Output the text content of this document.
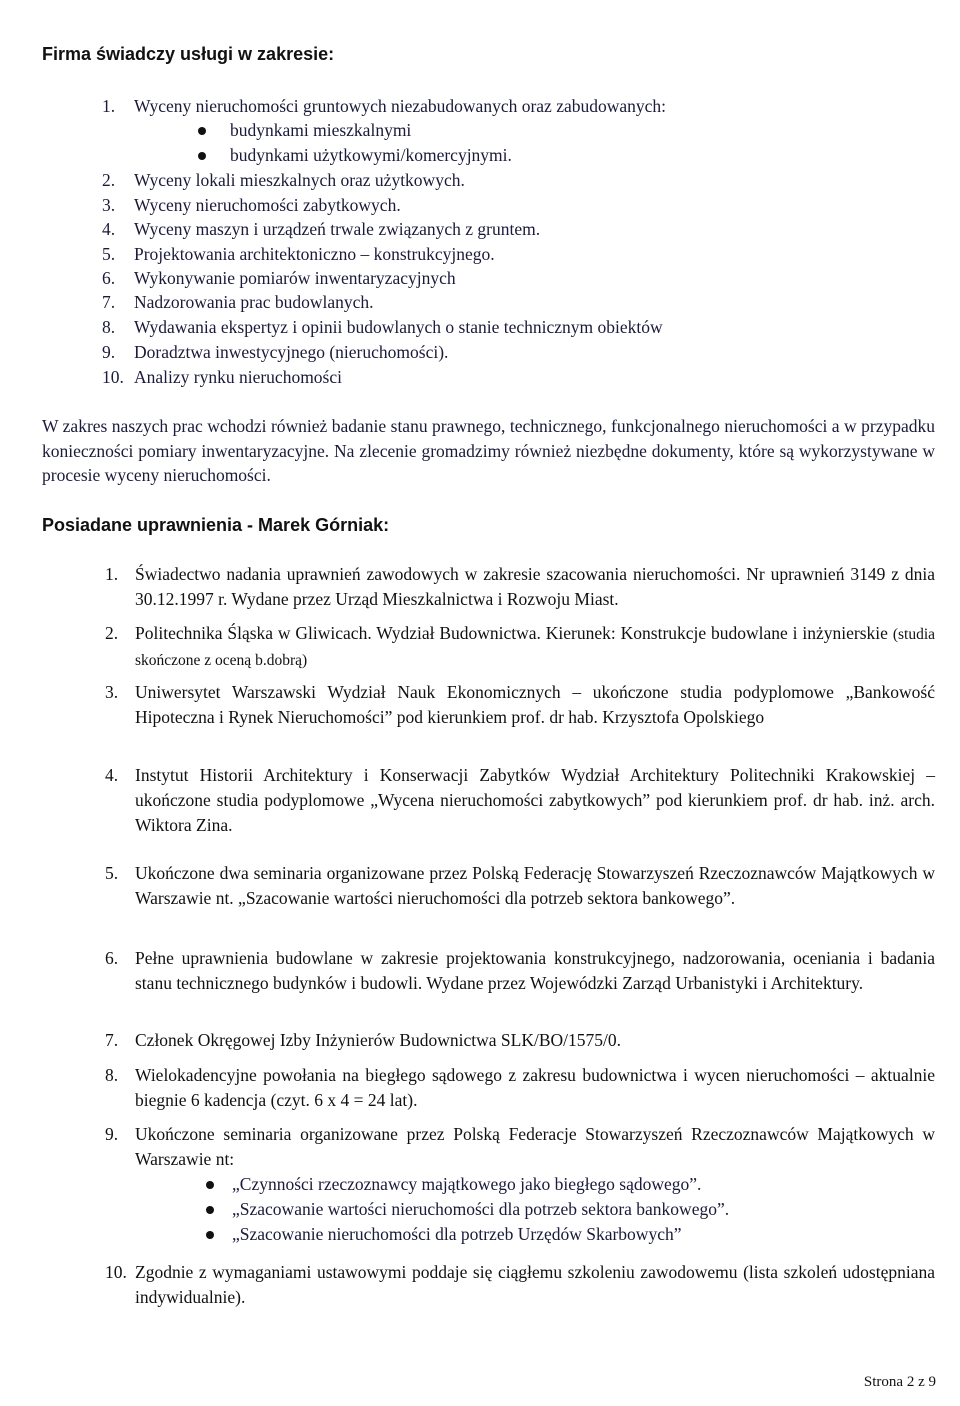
Firma świadczy usługi w zakresie:
1.	Wyceny nieruchomości gruntowych niezabudowanych oraz zabudowanych:
budynkami mieszkalnymi
budynkami użytkowymi/komercyjnymi.
2.	Wyceny lokali mieszkalnych oraz użytkowych.
3.	Wyceny nieruchomości zabytkowych.
4.	Wyceny maszyn i urządzeń trwale związanych z gruntem.
5.	Projektowania architektoniczno – konstrukcyjnego.
6.	Wykonywanie pomiarów inwentaryzacyjnych
7.	Nadzorowania prac budowlanych.
8.	Wydawania ekspertyz i opinii budowlanych o stanie technicznym obiektów
9.	Doradztwa inwestycyjnego (nieruchomości).
10. Analizy rynku nieruchomości
W zakres naszych prac wchodzi również badanie stanu prawnego, technicznego, funkcjonalnego nieruchomości a w przypadku konieczności pomiary inwentaryzacyjne. Na zlecenie gromadzimy również niezbędne dokumenty, które są wykorzystywane w procesie wyceny nieruchomości.
Posiadane uprawnienia - Marek Górniak:
1. Świadectwo nadania uprawnień zawodowych w zakresie szacowania nieruchomości. Nr uprawnień 3149 z dnia 30.12.1997 r. Wydane przez Urząd Mieszkalnictwa i Rozwoju Miast.
2. Politechnika Śląska w Gliwicach. Wydział Budownictwa. Kierunek: Konstrukcje budowlane i inżynierskie (studia skończone z oceną b.dobrą)
3. Uniwersytet Warszawski Wydział Nauk Ekonomicznych – ukończone studia podyplomowe „Bankowość Hipoteczna i Rynek Nieruchomości” pod kierunkiem prof. dr hab. Krzysztofa Opolskiego
4. Instytut Historii Architektury i Konserwacji Zabytków Wydział Architektury Politechniki Krakowskiej – ukończone studia podyplomowe „Wycena nieruchomości zabytkowych” pod kierunkiem prof. dr hab. inż. arch. Wiktora Zina.
5. Ukończone dwa seminaria organizowane przez Polską Federację Stowarzyszeń Rzeczoznawców Majątkowych w Warszawie nt. „Szacowanie wartości nieruchomości dla potrzeb sektora bankowego”.
6. Pełne uprawnienia budowlane w zakresie projektowania konstrukcyjnego, nadzorowania, oceniania i badania stanu technicznego budynków i budowli. Wydane przez Wojewódzki Zarząd Urbanistyki i Architektury.
7. Członek Okręgowej Izby Inżynierów Budownictwa SLK/BO/1575/0.
8. Wielokadencyjne powołania na biegłego sądowego z zakresu budownictwa i wycen nieruchomości – aktualnie biegnie 6 kadencja (czyt. 6 x 4 = 24 lat).
9. Ukończone seminaria organizowane przez Polską Federacje Stowarzyszeń Rzeczoznawców Majątkowych w Warszawie nt:
„Czynności rzeczoznawcy majątkowego jako biegłego sądowego”.
„Szacowanie wartości nieruchomości dla potrzeb sektora bankowego”.
„Szacowanie nieruchomości dla potrzeb Urzędów Skarbowych”
10. Zgodnie z wymaganiami ustawowymi poddaje się ciągłemu szkoleniu zawodowemu (lista szkoleń udostępniana indywidualnie).
Strona 2 z 9
